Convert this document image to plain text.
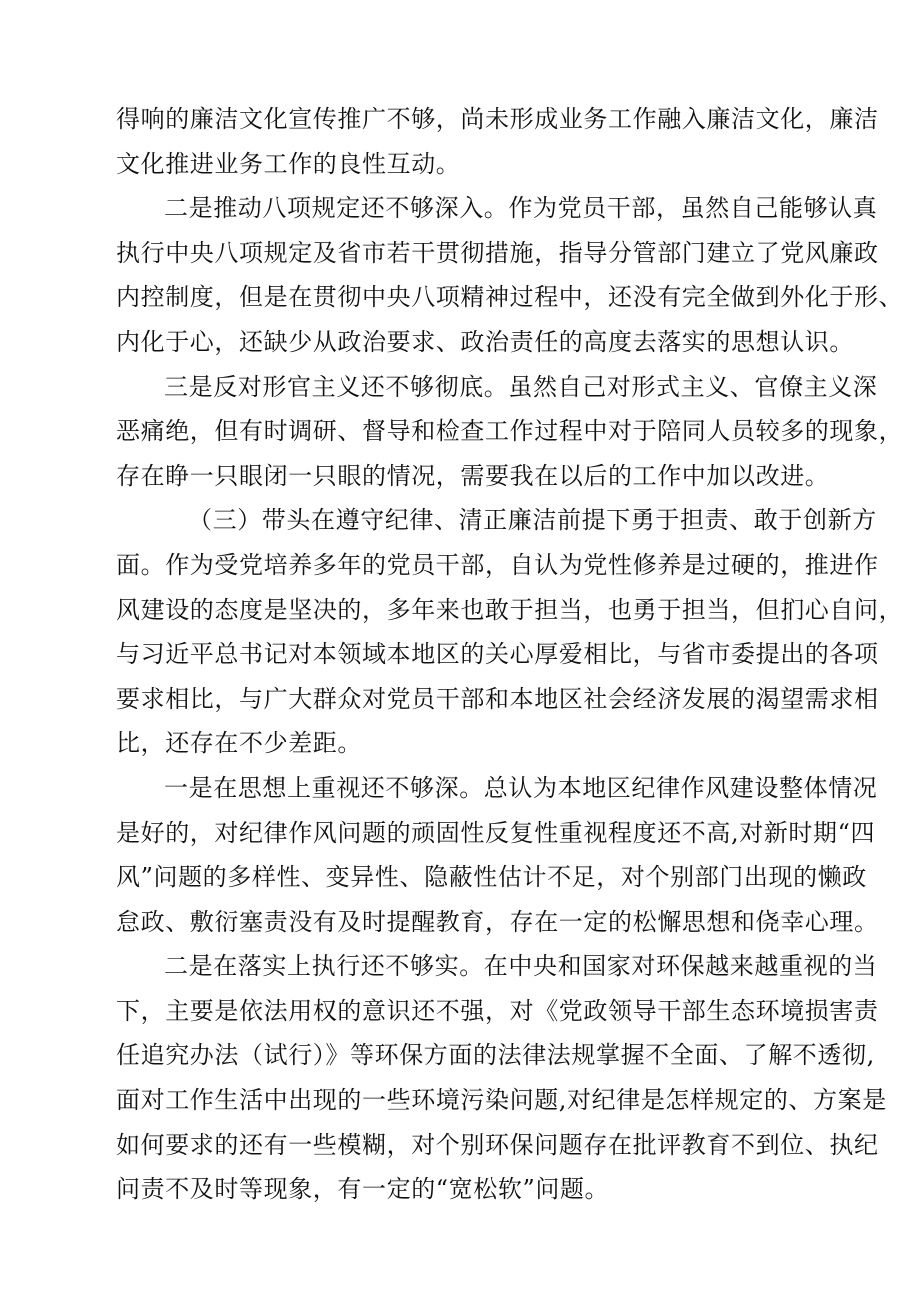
得响的廉洁文化宣传推广不够，尚未形成业务工作融入廉洁文化，廉洁
文化推进业务工作的良性互动。
二是推动八项规定还不够深入。作为党员干部，虽然自己能够认真
执行中央八项规定及省市若干贯彻措施，指导分管部门建立了党风廉政
内控制度，但是在贯彻中央八项精神过程中，还没有完全做到外化于形、
内化于心，还缺少从政治要求、政治责任的高度去落实的思想认识。
三是反对形官主义还不够彻底。虽然自己对形式主义、官僚主义深
恶痛绝，但有时调研、督导和检查工作过程中对于陪同人员较多的现象，
存在睁一只眼闭一只眼的情况，需要我在以后的工作中加以改进。
（三）带头在遵守纪律、清正廉洁前提下勇于担责、敢于创新方
面。作为受党培养多年的党员干部，自认为党性修养是过硬的，推进作
风建设的态度是坚决的，多年来也敢于担当，也勇于担当，但扪心自问，
与习近平总书记对本领域本地区的关心厚爱相比，与省市委提出的各项
要求相比，与广大群众对党员干部和本地区社会经济发展的渴望需求相
比，还存在不少差距。
一是在思想上重视还不够深。总认为本地区纪律作风建设整体情况
是好的，对纪律作风问题的顽固性反复性重视程度还不高,对新时期“四
风”问题的多样性、变异性、隐蔽性估计不足，对个别部门出现的懒政
怠政、敷衍塞责没有及时提醒教育，存在一定的松懈思想和侥幸心理。
二是在落实上执行还不够实。在中央和国家对环保越来越重视的当
下，主要是依法用权的意识还不强，对《党政领导干部生态环境损害责
任追究办法（试行）》等环保方面的法律法规掌握不全面、了解不透彻,
面对工作生活中出现的一些环境污染问题,对纪律是怎样规定的、方案是
如何要求的还有一些模糊，对个别环保问题存在批评教育不到位、执纪
问责不及时等现象，有一定的“宽松软”问题。
